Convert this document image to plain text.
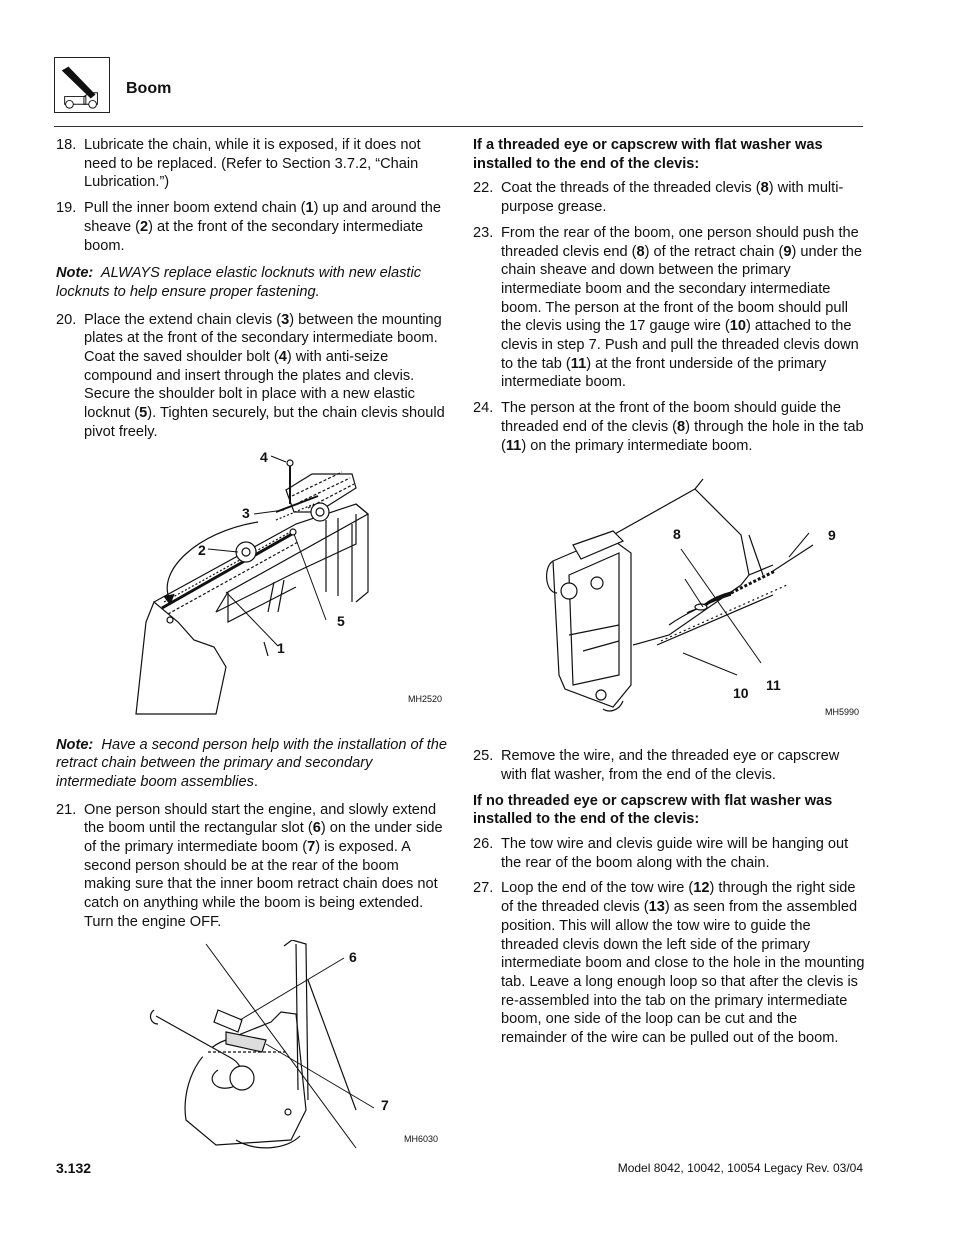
Boom
18. Lubricate the chain, while it is exposed, if it does not need to be replaced. (Refer to Section 3.7.2, “Chain Lubrication.”)
19. Pull the inner boom extend chain (1) up and around the sheave (2) at the front of the secondary intermediate boom.
Note: ALWAYS replace elastic locknuts with new elastic locknuts to help ensure proper fastening.
20. Place the extend chain clevis (3) between the mounting plates at the front of the secondary intermediate boom. Coat the saved shoulder bolt (4) with anti-seize compound and insert through the plates and clevis. Secure the shoulder bolt in place with a new elastic locknut (5). Tighten securely, but the chain clevis should pivot freely.
4
3
2
5
1
MH2520
Note: Have a second person help with the installation of the retract chain between the primary and secondary intermediate boom assemblies.
21. One person should start the engine, and slowly extend the boom until the rectangular slot (6) on the under side of the primary intermediate boom (7) is exposed. A second person should be at the rear of the boom making sure that the inner boom retract chain does not catch on anything while the boom is being extended. Turn the engine OFF.
6
7
MH6030
If a threaded eye or capscrew with flat washer was installed to the end of the clevis:
22. Coat the threads of the threaded clevis (8) with multi-purpose grease.
23. From the rear of the boom, one person should push the threaded clevis end (8) of the retract chain (9) under the chain sheave and down between the primary intermediate boom and the secondary intermediate boom. The person at the front of the boom should pull the clevis using the 17 gauge wire (10) attached to the clevis in step 7. Push and pull the threaded clevis down to the tab (11) at the front underside of the primary intermediate boom.
24. The person at the front of the boom should guide the threaded end of the clevis (8) through the hole in the tab (11) on the primary intermediate boom.
8	9
10 11
MH5990
25. Remove the wire, and the threaded eye or capscrew with flat washer, from the end of the clevis.
If no threaded eye or capscrew with flat washer was installed to the end of the clevis:
26. The tow wire and clevis guide wire will be hanging out the rear of the boom along with the chain.
27. Loop the end of the tow wire (12) through the right side of the threaded clevis (13) as seen from the assembled position. This will allow the tow wire to guide the threaded clevis down the left side of the primary intermediate boom and close to the hole in the mounting tab. Leave a long enough loop so that after the clevis is re-assembled into the tab on the primary intermediate boom, one side of the loop can be cut and the remainder of the wire can be pulled out of the boom.
3.132	Model 8042, 10042, 10054 Legacy Rev. 03/04
